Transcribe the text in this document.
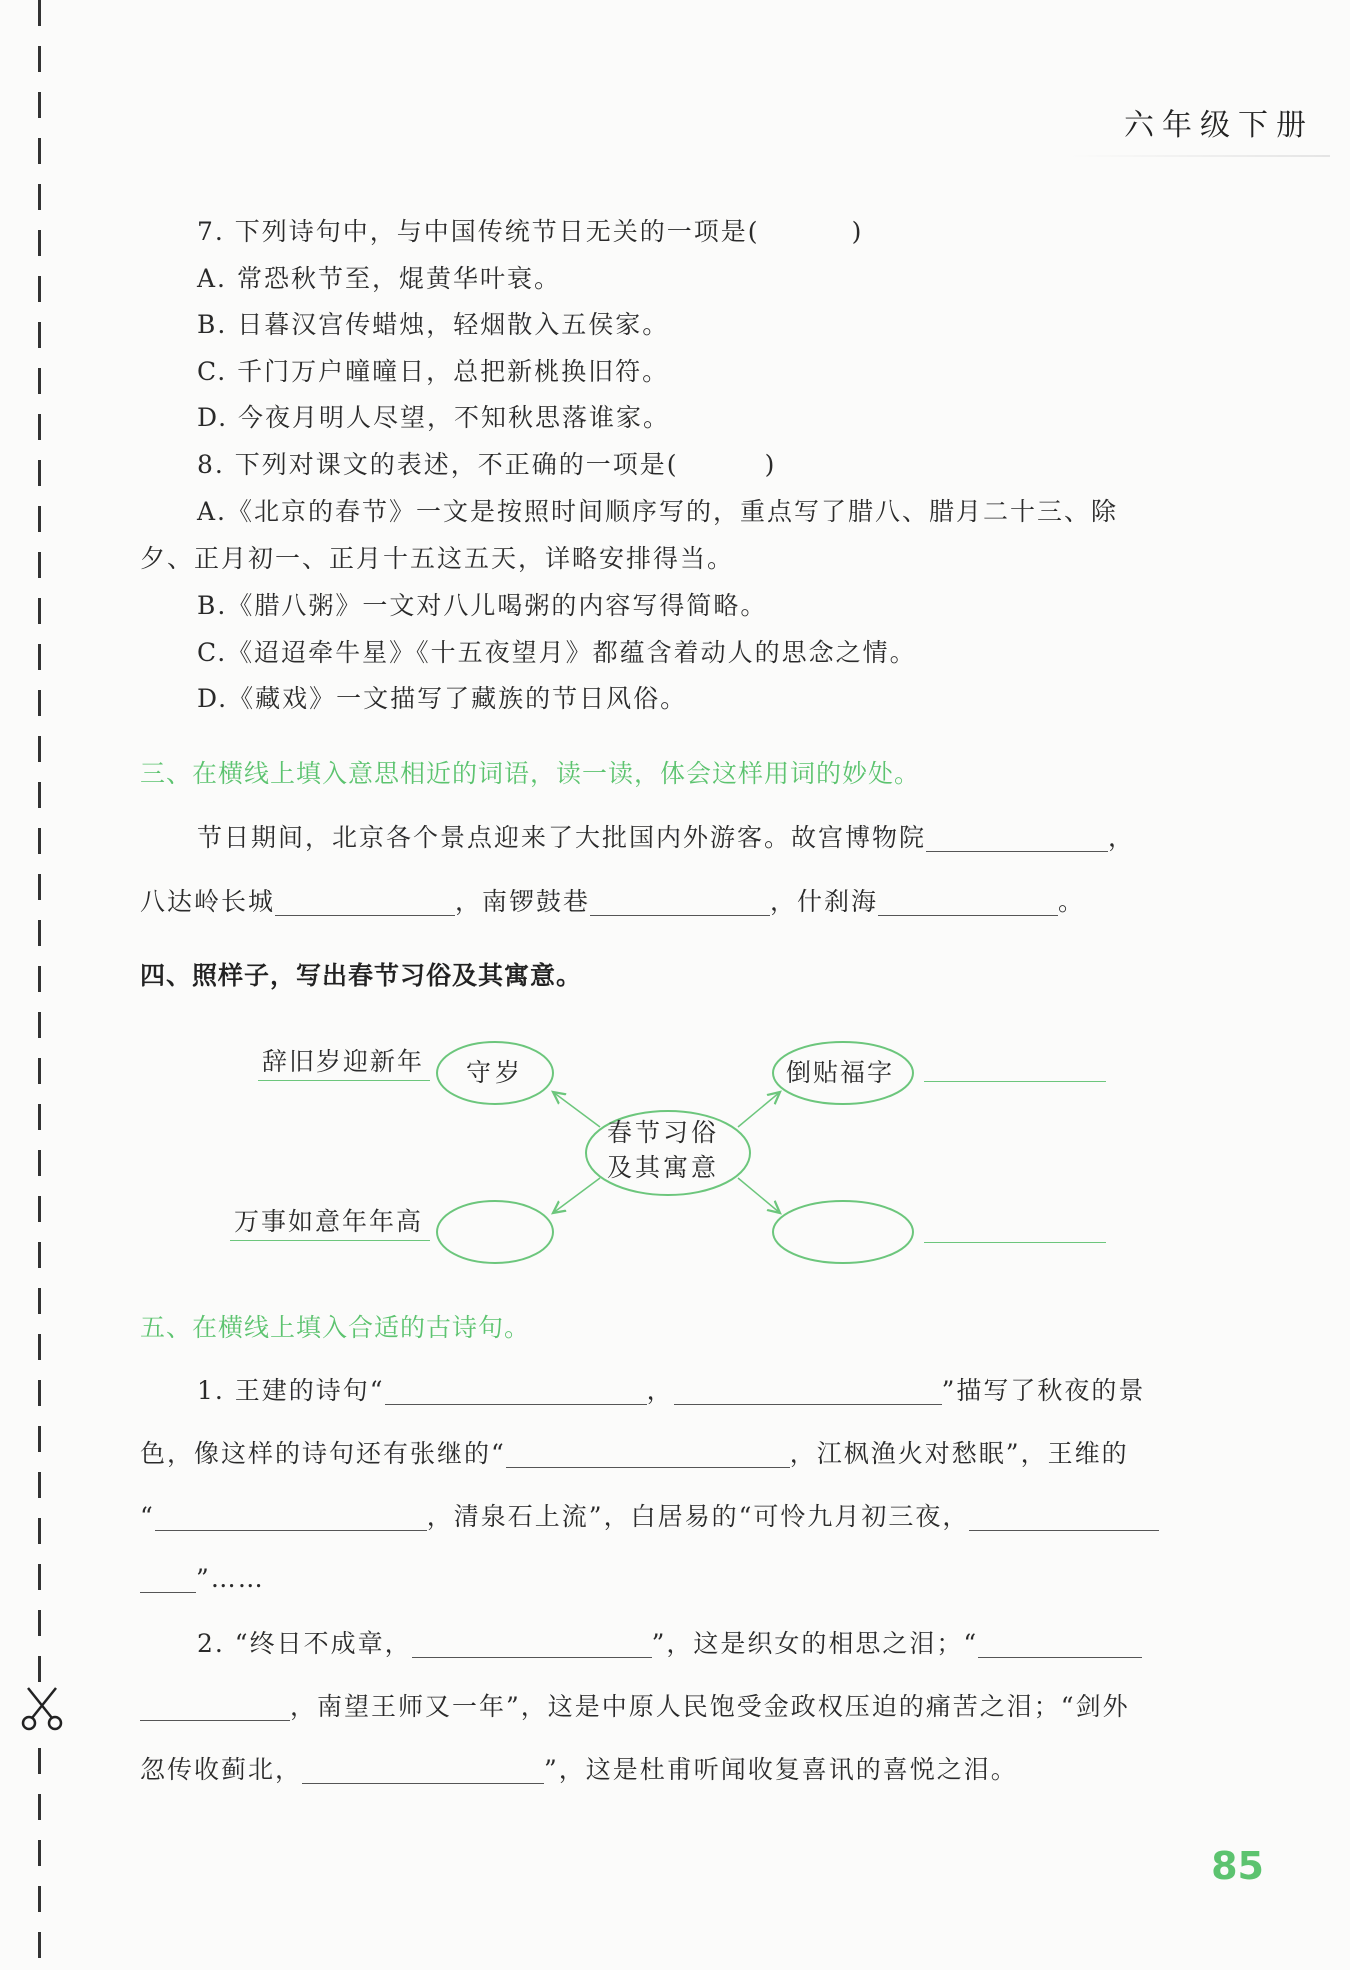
六年级下册
7. 下列诗句中，与中国传统节日无关的一项是(	)
A. 常恐秋节至，焜黄华叶衰。
B. 日暮汉宫传蜡烛，轻烟散入五侯家。
C. 千门万户曈曈日，总把新桃换旧符。
D. 今夜月明人尽望，不知秋思落谁家。
8. 下列对课文的表述，不正确的一项是(	)
A.《北京的春节》一文是按照时间顺序写的，重点写了腊八、腊月二十三、除
夕、正月初一、正月十五这五天，详略安排得当。
B.《腊八粥》一文对八儿喝粥的内容写得简略。
C.《迢迢牵牛星》《十五夜望月》都蕴含着动人的思念之情。
D.《藏戏》一文描写了藏族的节日风俗。
三、在横线上填入意思相近的词语，读一读，体会这样用词的妙处。
节日期间，北京各个景点迎来了大批国内外游客。故宫博物院	，
八达岭长城	，南锣鼓巷	，什刹海	。
四、照样子，写出春节习俗及其寓意。
春节习俗
及其寓意
守岁	倒贴福字
辞旧岁迎新年
万事如意年年高
五、在横线上填入合适的古诗句。
1. 王建的诗句“	，	”描写了秋夜的景
色，像这样的诗句还有张继的“	，江枫渔火对愁眠”，王维的
“	，清泉石上流”，白居易的“可怜九月初三夜，
”……
2. “终日不成章，	”，这是织女的相思之泪；“
，南望王师又一年”，这是中原人民饱受金政权压迫的痛苦之泪；“剑外
忽传收蓟北，	”，这是杜甫听闻收复喜讯的喜悦之泪。
85
